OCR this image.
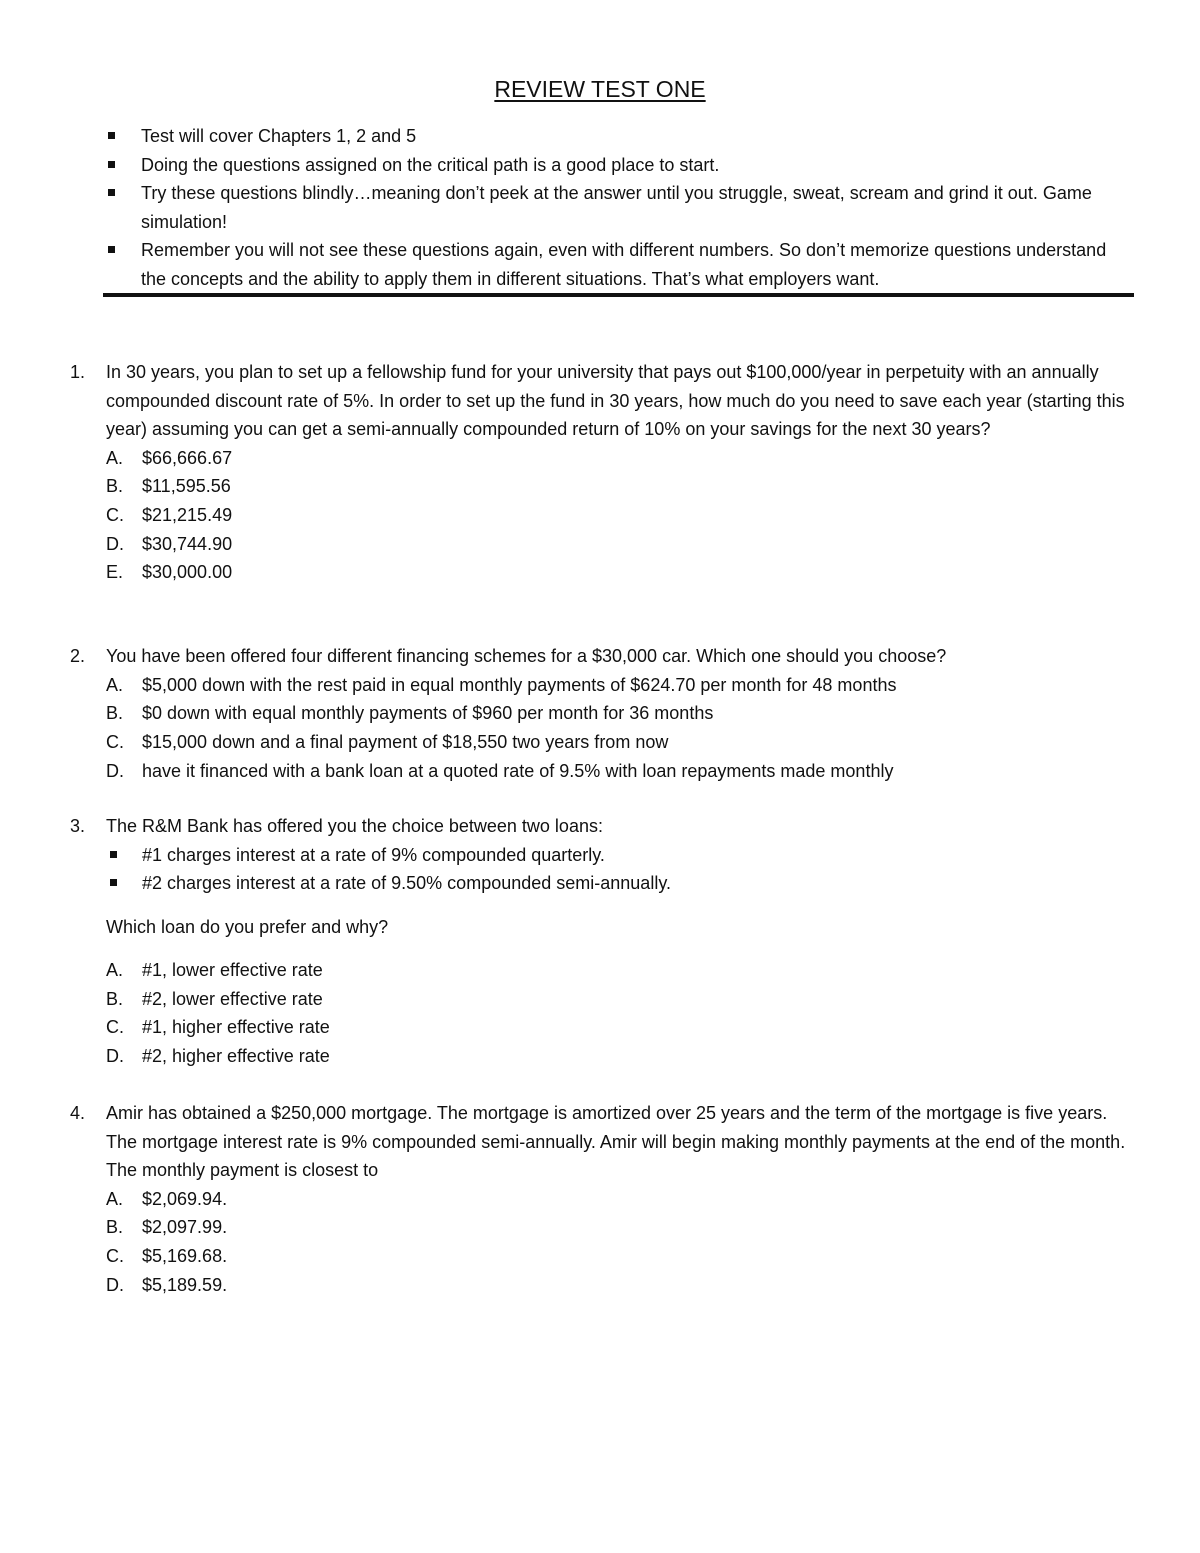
REVIEW TEST ONE
Test will cover Chapters 1, 2 and 5
Doing the questions assigned on the critical path is a good place to start.
Try these questions blindly…meaning don’t peek at the answer until you struggle, sweat, scream and grind it out. Game simulation!
Remember you will not see these questions again, even with different numbers. So don’t memorize questions understand the concepts and the ability to apply them in different situations. That’s what employers want.
1. In 30 years, you plan to set up a fellowship fund for your university that pays out $100,000/year in perpetuity with an annually compounded discount rate of 5%. In order to set up the fund in 30 years, how much do you need to save each year (starting this year) assuming you can get a semi-annually compounded return of 10% on your savings for the next 30 years?
A. $66,666.67
B. $11,595.56
C. $21,215.49
D. $30,744.90
E. $30,000.00
2. You have been offered four different financing schemes for a $30,000 car. Which one should you choose?
A. $5,000 down with the rest paid in equal monthly payments of $624.70 per month for 48 months
B. $0 down with equal monthly payments of $960 per month for 36 months
C. $15,000 down and a final payment of $18,550 two years from now
D. have it financed with a bank loan at a quoted rate of 9.5% with loan repayments made monthly
3. The R&M Bank has offered you the choice between two loans:
#1 charges interest at a rate of 9% compounded quarterly.
#2 charges interest at a rate of 9.50% compounded semi-annually.
Which loan do you prefer and why?
A. #1, lower effective rate
B. #2, lower effective rate
C. #1, higher effective rate
D. #2, higher effective rate
4. Amir has obtained a $250,000 mortgage. The mortgage is amortized over 25 years and the term of the mortgage is five years. The mortgage interest rate is 9% compounded semi-annually. Amir will begin making monthly payments at the end of the month. The monthly payment is closest to
A. $2,069.94.
B. $2,097.99.
C. $5,169.68.
D. $5,189.59.
